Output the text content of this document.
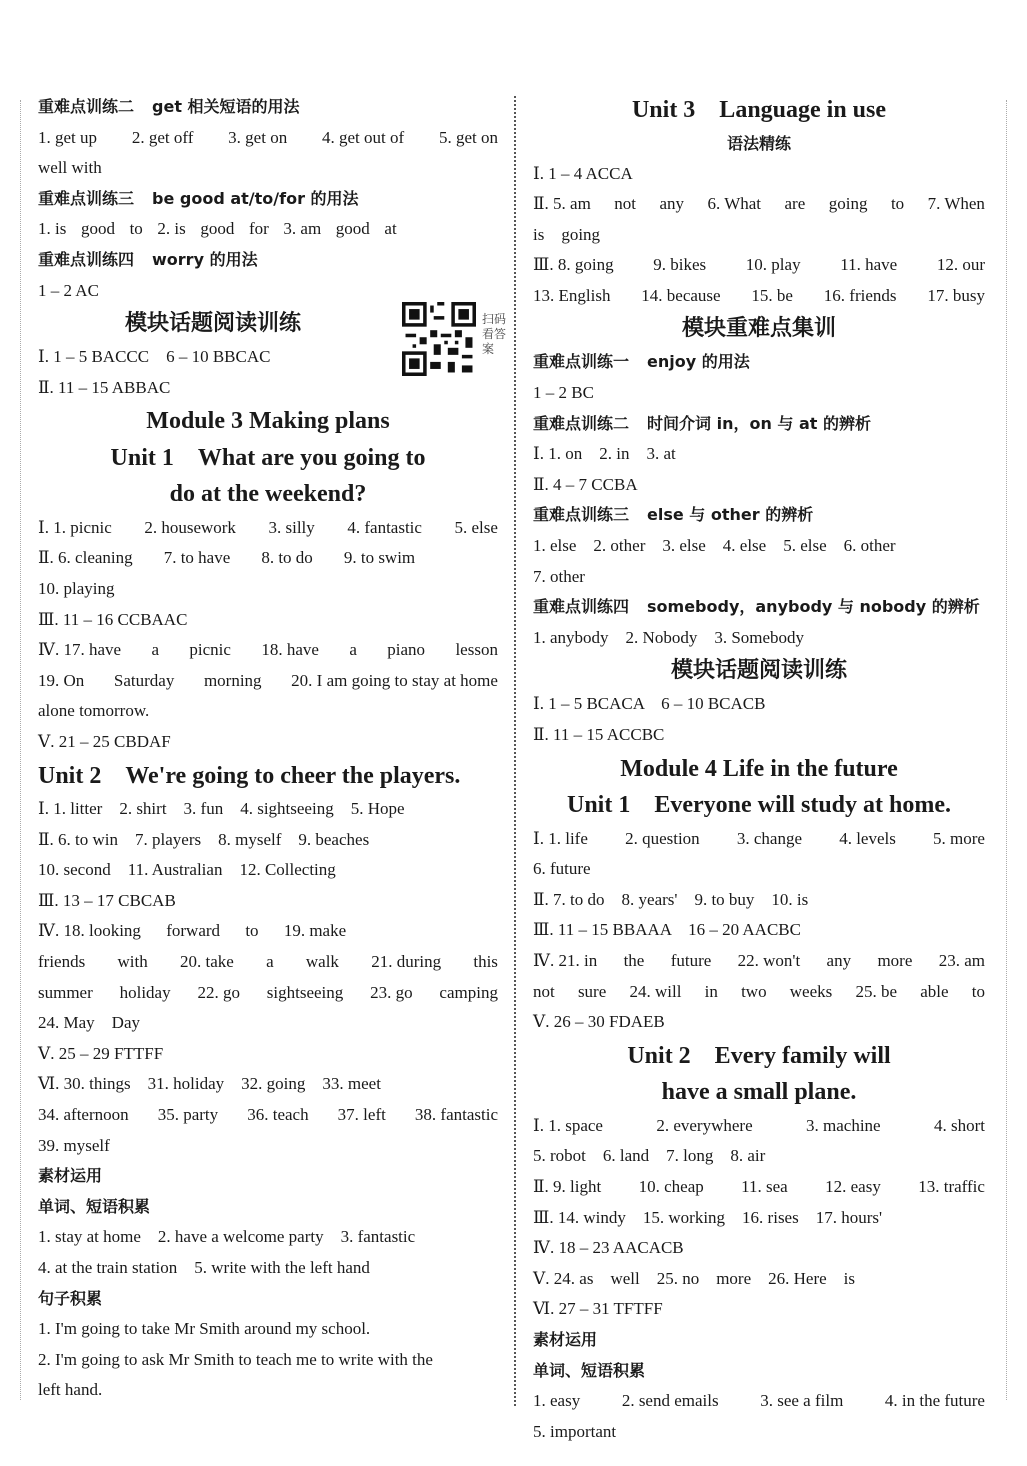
重难点训练二 get 相关短语的用法
1. get up 2. get off 3. get on 4. get out of 5. get on
well with
重难点训练三 be good at/to/for 的用法
1. is good to 2. is good for 3. am good at
重难点训练四 worry 的用法
1 – 2 AC
模块话题阅读训练
Ⅰ. 1 – 5 BACCC　6 – 10 BBCAC
Ⅱ. 11 – 15 ABBAC
Module 3 Making plans
Unit 1　What are you going to
do at the weekend?
Ⅰ. 1. picnic 2. housework 3. silly 4. fantastic 5. else
Ⅱ. 6. cleaning 7. to have 8. to do 9. to swim
10. playing
Ⅲ. 11 – 16 CCBAAC
Ⅳ. 17. have a picnic 18. have a piano lesson
19. On Saturday morning 20. I am going to stay at home
alone tomorrow.
Ⅴ. 21 – 25 CBDAF
Unit 2　We're going to cheer the players.
Ⅰ. 1. litter　2. shirt　3. fun　4. sightseeing　5. Hope
Ⅱ. 6. to win　7. players　8. myself　9. beaches
10. second　11. Australian　12. Collecting
Ⅲ. 13 – 17 CBCAB
Ⅳ. 18. looking forward to 19. make
friends with 20. take a walk 21. during this
summer holiday 22. go sightseeing 23. go camping
24. May　Day
Ⅴ. 25 – 29 FTTFF
Ⅵ. 30. things　31. holiday　32. going　33. meet
34. afternoon 35. party 36. teach 37. left 38. fantastic
39. myself
素材运用
单词、短语积累
1. stay at home　2. have a welcome party　3. fantastic
4. at the train station　5. write with the left hand
句子积累
1. I'm going to take Mr Smith around my school.
2. I'm going to ask Mr Smith to teach me to write with the
left hand.
Unit 3　Language in use
语法精练
Ⅰ. 1 – 4 ACCA
Ⅱ. 5. am not any 6. What are going to 7. When
is　going
Ⅲ. 8. going 9. bikes 10. play 11. have 12. our
13. English 14. because 15. be 16. friends 17. busy
模块重难点集训
重难点训练一 enjoy 的用法
1 – 2 BC
重难点训练二 时间介词 in，on 与 at 的辨析
Ⅰ. 1. on　2. in　3. at
Ⅱ. 4 – 7 CCBA
重难点训练三 else 与 other 的辨析
1. else　2. other　3. else　4. else　5. else　6. other
7. other
重难点训练四 somebody，anybody 与 nobody 的辨析
1. anybody　2. Nobody　3. Somebody
模块话题阅读训练
Ⅰ. 1 – 5 BCACA　6 – 10 BCACB
Ⅱ. 11 – 15 ACCBC
Module 4 Life in the future
Unit 1　Everyone will study at home.
Ⅰ. 1. life 2. question 3. change 4. levels 5. more
6. future
Ⅱ. 7. to do　8. years'　9. to buy　10. is
Ⅲ. 11 – 15 BBAAA　16 – 20 AACBC
Ⅳ. 21. in the future 22. won't any more 23. am
not sure 24. will in two weeks 25. be able to
Ⅴ. 26 – 30 FDAEB
Unit 2　Every family will
have a small plane.
Ⅰ. 1. space	2. everywhere	3. machine	4. short
5. robot　6. land　7. long　8. air
Ⅱ. 9. light 10. cheap 11. sea 12. easy 13. traffic
Ⅲ. 14. windy　15. working　16. rises　17. hours'
Ⅳ. 18 – 23 AACACB
Ⅴ. 24. as　well　25. no　more　26. Here　is
Ⅵ. 27 – 31 TFTFF
素材运用
单词、短语积累
1. easy 2. send emails 3. see a film 4. in the future
5. important
扫码看答案
